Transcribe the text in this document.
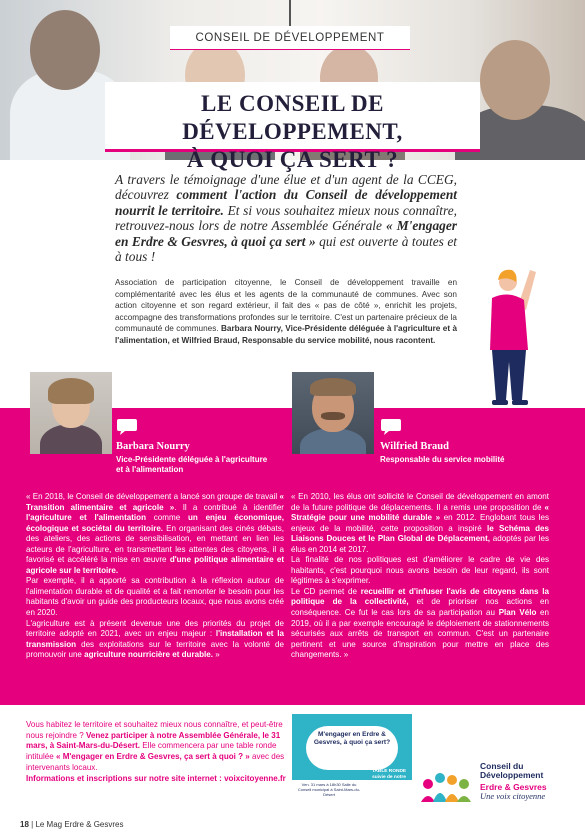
CONSEIL DE DÉVELOPPEMENT
LE CONSEIL DE DÉVELOPPEMENT,
À QUOI ÇA SERT ?
A travers le témoignage d'une élue et d'un agent de la CCEG, découvrez comment l'action du Conseil de développement nourrit le territoire. Et si vous souhaitez mieux nous connaître, retrouvez-nous lors de notre Assemblée Générale « M'engager en Erdre & Gesvres, à quoi ça sert » qui est ouverte à toutes et à tous !
Association de participation citoyenne, le Conseil de développement travaille en complémentarité avec les élus et les agents de la communauté de communes. Avec son action citoyenne et son regard extérieur, il fait des « pas de côté », enrichit les projets, accompagne des transformations profondes sur le territoire. C'est un partenaire précieux de la communauté de communes. Barbara Nourry, Vice-Présidente déléguée à l'agriculture et à l'alimentation, et Wilfried Braud, Responsable du service mobilité, nous racontent.
Barbara Nourry
Vice-Présidente déléguée à l'agriculture
et à l'alimentation
Wilfried Braud
Responsable du service mobilité
« En 2018, le Conseil de développement a lancé son groupe de travail « Transition alimentaire et agricole ». Il a contribué à identifier l'agriculture et l'alimentation comme un enjeu économique, écologique et sociétal du territoire. En organisant des cinés débats, des ateliers, des actions de sensibilisation, en mettant en lien les acteurs de l'agriculture, en transmettant les attentes des citoyens, il a favorisé et accéléré la mise en œuvre d'une politique alimentaire et agricole sur le territoire.
Par exemple, il a apporté sa contribution à la réflexion autour de l'alimentation durable et de qualité et a fait remonter le besoin pour les habitants d'avoir un guide des producteurs locaux, que nous avons créé en 2020.
L'agriculture est à présent devenue une des priorités du projet de territoire adopté en 2021, avec un enjeu majeur : l'installation et la transmission des exploitations sur le territoire avec la volonté de promouvoir une agriculture nourricière et durable. »
« En 2010, les élus ont sollicité le Conseil de développement en amont de la future politique de déplacements. Il a remis une proposition de « Stratégie pour une mobilité durable » en 2012. Englobant tous les enjeux de la mobilité, cette proposition a inspiré le Schéma des Liaisons Douces et le Plan Global de Déplacement, adoptés par les élus en 2014 et 2017.
La finalité de nos politiques est d'améliorer le cadre de vie des habitants, c'est pourquoi nous avons besoin de leur regard, ils sont légitimes à s'exprimer.
Le CD permet de recueillir et d'infuser l'avis de citoyens dans la politique de la collectivité, et de prioriser nos actions en conséquence. Ce fut le cas lors de sa participation au Plan Vélo en 2019, où il a par exemple encouragé le déploiement de stationnements sécurisés aux arrêts de transport en commun. C'est un partenaire pertinent et une source d'inspiration pour mettre en place des changements. »
Vous habitez le territoire et souhaitez mieux nous connaître, et peut-être nous rejoindre ? Venez participer à notre Assemblée Générale, le 31 mars, à Saint-Mars-du-Désert. Elle commencera par une table ronde intitulée « M'engager en Erdre & Gesvres, ça sert à quoi ? » avec des intervenants locaux.
Informations et inscriptions sur notre site internet : voixcitoyenne.fr
M'engager en Erdre & Gesvres, à quoi ça sert?
TABLE RONDE suivie de notre
Ven. 31 mars à 18h30 Salle du Conseil municipal à Saint-Mars-du-Désert
Conseil du
Développement
Erdre & Gesvres
Une voix citoyenne
18 | Le Mag Erdre & Gesvres
